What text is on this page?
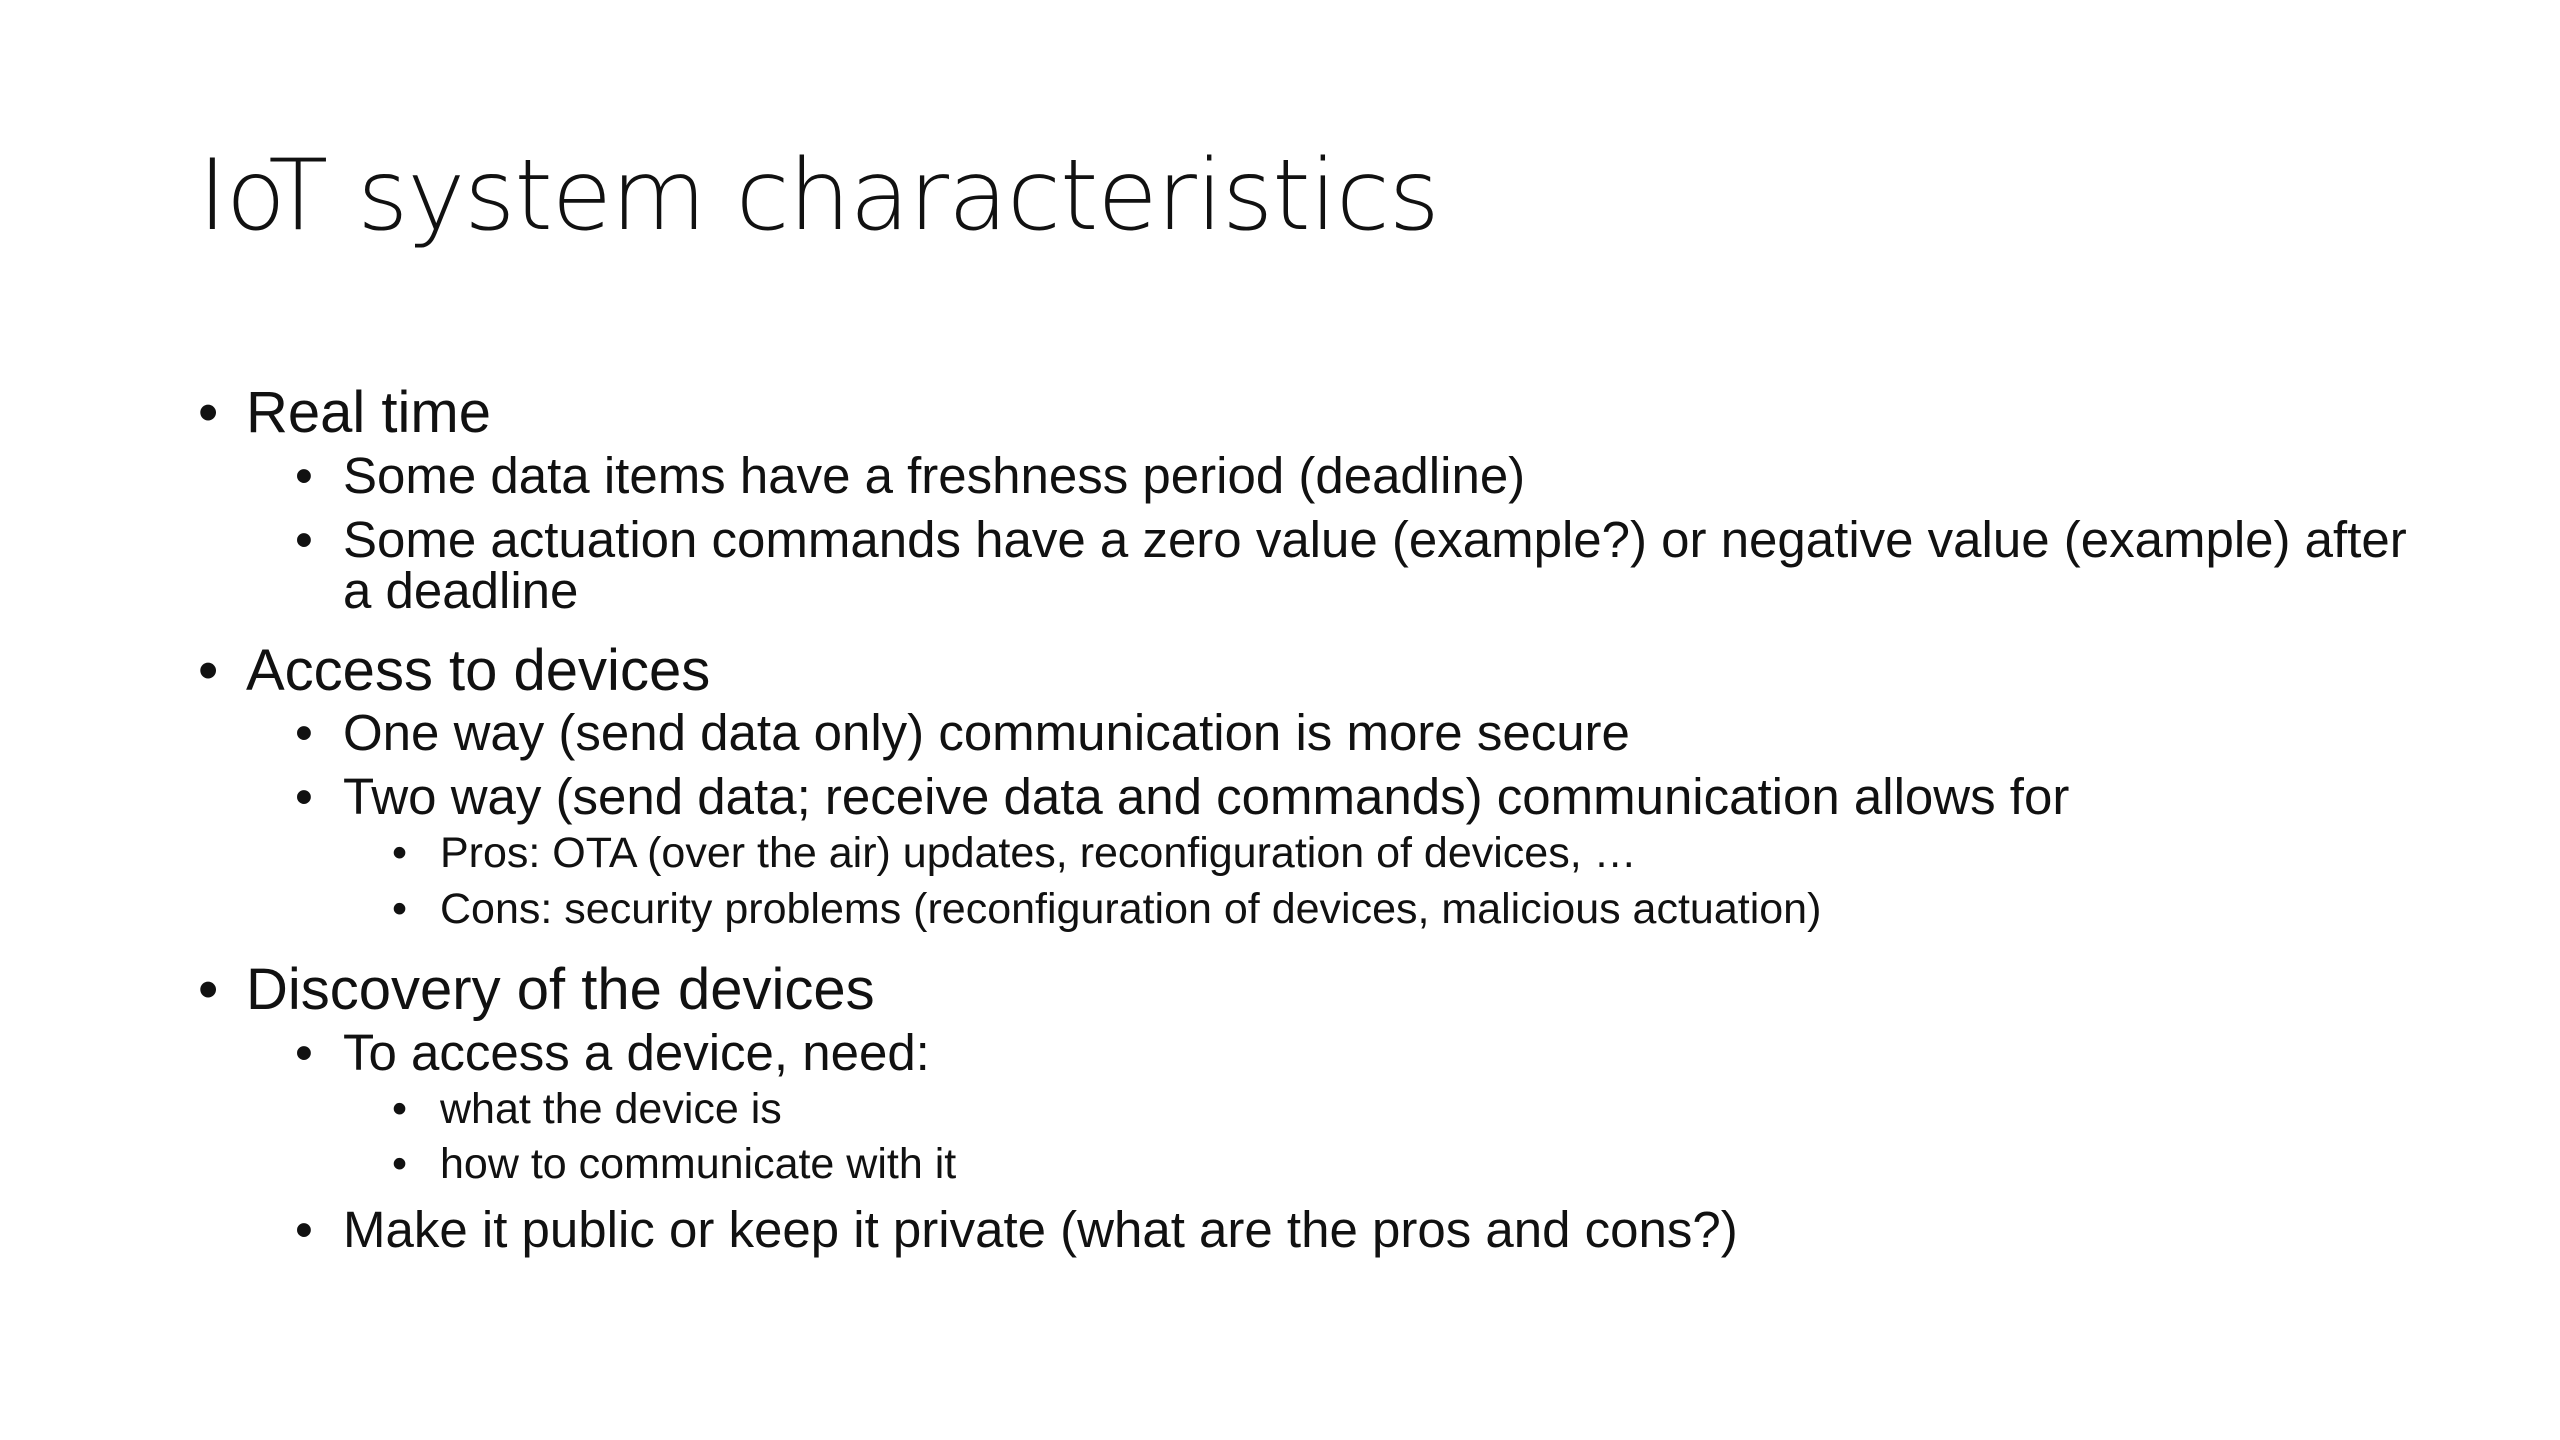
IoT system characteristics
• Real time
• Some data items have a freshness period (deadline)
• Some actuation commands have a zero value (example?) or negative value (example) after a deadline
• Access to devices
• One way (send data only) communication is more secure
• Two way (send data; receive data and commands) communication allows for
• Pros: OTA (over the air) updates, reconfiguration of devices, …
• Cons: security problems (reconfiguration of devices, malicious actuation)
• Discovery of the devices
• To access a device, need:
• what the device is
• how to communicate with it
• Make it public or keep it private (what are the pros and cons?)
